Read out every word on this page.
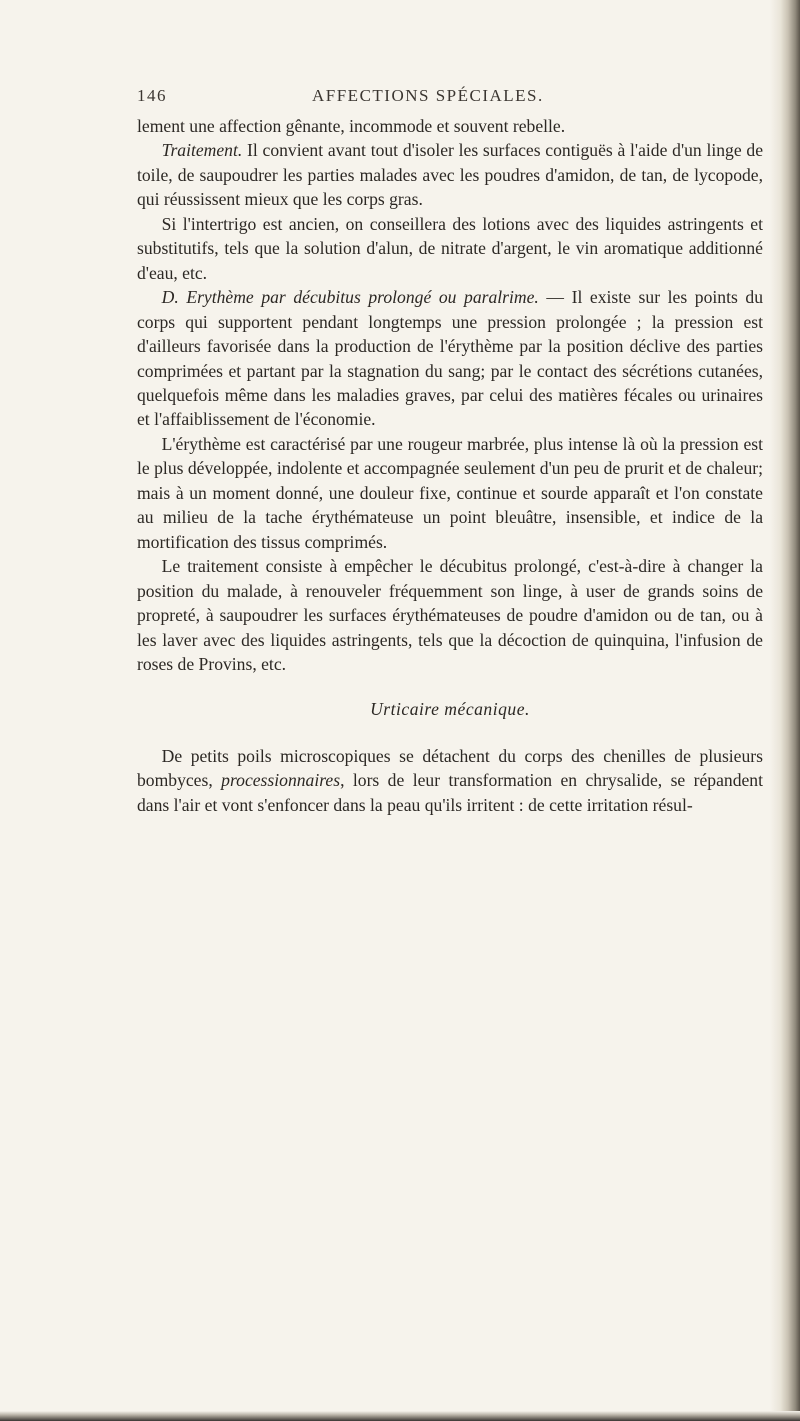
146	AFFECTIONS SPÉCIALES.

lement une affection gênante, incommode et souvent rebelle.

Traitement. Il convient avant tout d'isoler les surfaces contiguës à l'aide d'un linge de toile, de saupoudrer les parties malades avec les poudres d'amidon, de tan, de lycopode, qui réussissent mieux que les corps gras.

Si l'intertrigo est ancien, on conseillera des lotions avec des liquides astringents et substitutifs, tels que la solution d'alun, de nitrate d'argent, le vin aromatique additionné d'eau, etc.

D. Erythème par décubitus prolongé ou paralrime. — Il existe sur les points du corps qui supportent pendant longtemps une pression prolongée ; la pression est d'ailleurs favorisée dans la production de l'érythème par la position déclive des parties comprimées et partant par la stagnation du sang; par le contact des sécrétions cutanées, quelquefois même dans les maladies graves, par celui des matières fécales ou urinaires et l'affaiblissement de l'économie.

L'érythème est caractérisé par une rougeur marbrée, plus intense là où la pression est le plus développée, indolente et accompagnée seulement d'un peu de prurit et de chaleur; mais à un moment donné, une douleur fixe, continue et sourde apparaît et l'on constate au milieu de la tache érythémateuse un point bleuâtre, insensible, et indice de la mortification des tissus comprimés.

Le traitement consiste à empêcher le décubitus prolongé, c'est-à-dire à changer la position du malade, à renouveler fréquemment son linge, à user de grands soins de propreté, à saupoudrer les surfaces érythémateuses de poudre d'amidon ou de tan, ou à les laver avec des liquides astringents, tels que la décoction de quinquina, l'infusion de roses de Provins, etc.

Urticaire mécanique.

De petits poils microscopiques se détachent du corps des chenilles de plusieurs bombyces, processionnaires, lors de leur transformation en chrysalide, se répandent dans l'air et vont s'enfoncer dans la peau qu'ils irritent : de cette irritation résul-
